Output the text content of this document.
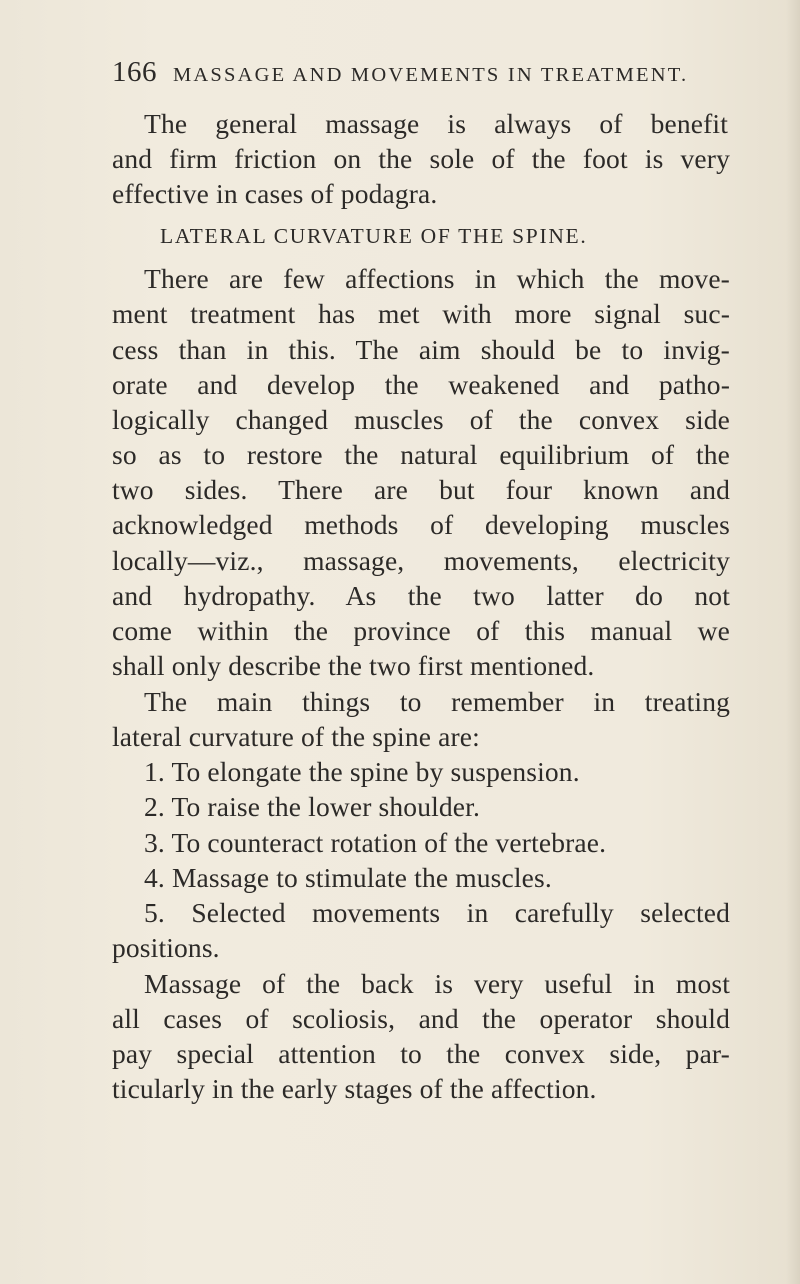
166 MASSAGE AND MOVEMENTS IN TREATMENT.
The general massage is always of benefit
and firm friction on the sole of the foot is very
effective in cases of podagra.
LATERAL CURVATURE OF THE SPINE.
There are few affections in which the move-
ment treatment has met with more signal suc-
cess than in this. The aim should be to invig-
orate and develop the weakened and patho-
logically changed muscles of the convex side
so as to restore the natural equilibrium of the
two sides. There are but four known and
acknowledged methods of developing muscles
locally—viz., massage, movements, electricity
and hydropathy. As the two latter do not
come within the province of this manual we
shall only describe the two first mentioned.
The main things to remember in treating
lateral curvature of the spine are:
1. To elongate the spine by suspension.
2. To raise the lower shoulder.
3. To counteract rotation of the vertebrae.
4. Massage to stimulate the muscles.
5. Selected movements in carefully selected
positions.
Massage of the back is very useful in most
all cases of scoliosis, and the operator should
pay special attention to the convex side, par-
ticularly in the early stages of the affection.
